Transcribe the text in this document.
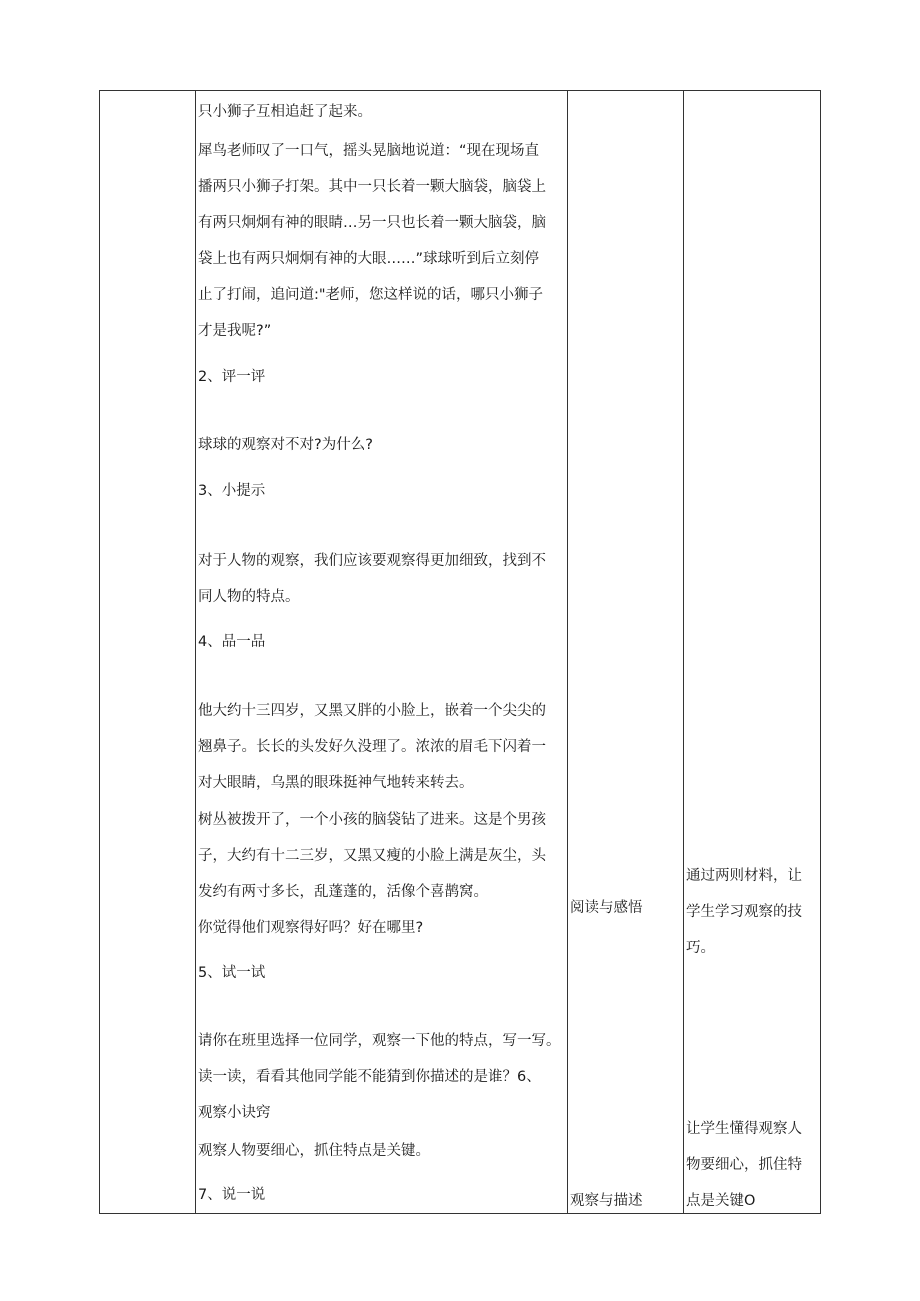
只小狮子互相追赶了起来。
犀鸟老师叹了一口气，摇头晃脑地说道：“现在现场直
播两只小狮子打架。其中一只长着一颗大脑袋，脑袋上
有两只炯炯有神的眼睛…另一只也长着一颗大脑袋，脑
袋上也有两只炯炯有神的大眼……”球球听到后立刻停
止了打闹，追问道:"老师，您这样说的话，哪只小狮子
才是我呢?”
2、评一评
球球的观察对不对?为什么?
3、小提示
对于人物的观察，我们应该要观察得更加细致，找到不
同人物的特点。
4、品一品
他大约十三四岁，又黑又胖的小脸上，嵌着一个尖尖的
翘鼻子。长长的头发好久没理了。浓浓的眉毛下闪着一
对大眼睛，乌黑的眼珠挺神气地转来转去。
树丛被拨开了，一个小孩的脑袋钻了进来。这是个男孩
子，大约有十二三岁，又黑又瘦的小脸上满是灰尘，头
发约有两寸多长，乱蓬蓬的，活像个喜鹊窝。
你觉得他们观察得好吗？好在哪里?
5、试一试
请你在班里选择一位同学，观察一下他的特点，写一写。
读一读，看看其他同学能不能猜到你描述的是谁？6、
观察小诀窍
观察人物要细心，抓住特点是关键。
7、说一说
阅读与感悟
观察与描述
通过两则材料，让
学生学习观察的技
巧。
让学生懂得观察人
物要细心，抓住特
点是关键O
